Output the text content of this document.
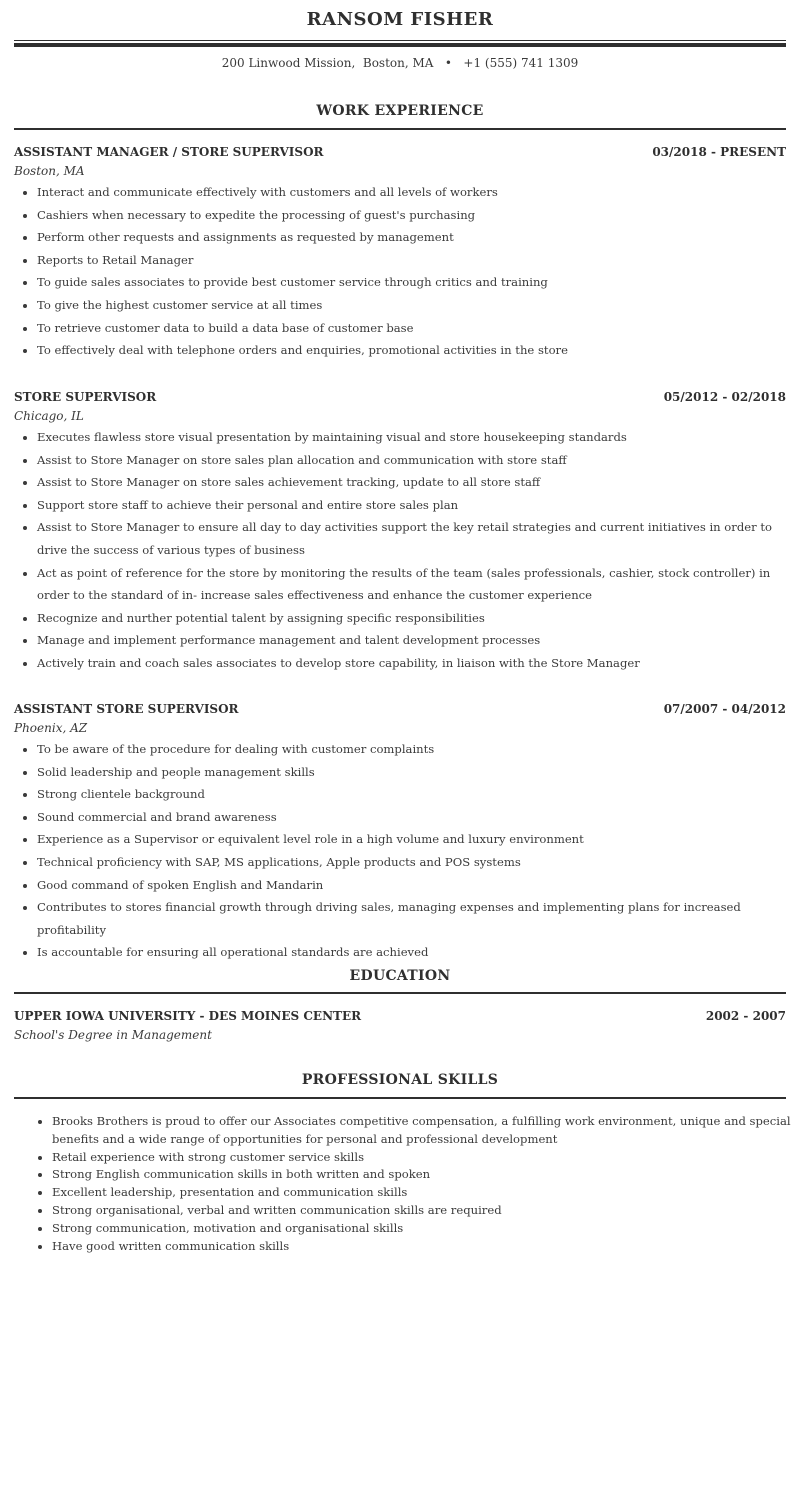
RANSOM FISHER
200 Linwood Mission,  Boston, MA   •   +1 (555) 741 1309
WORK EXPERIENCE
ASSISTANT MANAGER / STORE SUPERVISOR	03/2018 - PRESENT
Boston, MA
• Interact and communicate effectively with customers and all levels of workers
• Cashiers when necessary to expedite the processing of guest's purchasing
• Perform other requests and assignments as requested by management
• Reports to Retail Manager
• To guide sales associates to provide best customer service through critics and training
• To give the highest customer service at all times
• To retrieve customer data to build a data base of customer base
• To effectively deal with telephone orders and enquiries, promotional activities in the store
STORE SUPERVISOR	05/2012 - 02/2018
Chicago, IL
• Executes flawless store visual presentation by maintaining visual and store housekeeping standards
• Assist to Store Manager on store sales plan allocation and communication with store staff
• Assist to Store Manager on store sales achievement tracking, update to all store staff
• Support store staff to achieve their personal and entire store sales plan
• Assist to Store Manager to ensure all day to day activities support the key retail strategies and current initiatives in order to drive the success of various types of business
• Act as point of reference for the store by monitoring the results of the team (sales professionals, cashier, stock controller) in order to the standard of in- increase sales effectiveness and enhance the customer experience
• Recognize and nurther potential talent by assigning specific responsibilities
• Manage and implement performance management and talent development processes
• Actively train and coach sales associates to develop store capability, in liaison with the Store Manager
ASSISTANT STORE SUPERVISOR	07/2007 - 04/2012
Phoenix, AZ
• To be aware of the procedure for dealing with customer complaints
• Solid leadership and people management skills
• Strong clientele background
• Sound commercial and brand awareness
• Experience as a Supervisor or equivalent level role in a high volume and luxury environment
• Technical proficiency with SAP, MS applications, Apple products and POS systems
• Good command of spoken English and Mandarin
• Contributes to stores financial growth through driving sales, managing expenses and implementing plans for increased profitability
• Is accountable for ensuring all operational standards are achieved
EDUCATION
UPPER IOWA UNIVERSITY - DES MOINES CENTER	2002 - 2007
School's Degree in Management
PROFESSIONAL SKILLS
• Brooks Brothers is proud to offer our Associates competitive compensation, a fulfilling work environment, unique and special benefits and a wide range of opportunities for personal and professional development
• Retail experience with strong customer service skills
• Strong English communication skills in both written and spoken
• Excellent leadership, presentation and communication skills
• Strong organisational, verbal and written communication skills are required
• Strong communication, motivation and organisational skills
• Have good written communication skills
